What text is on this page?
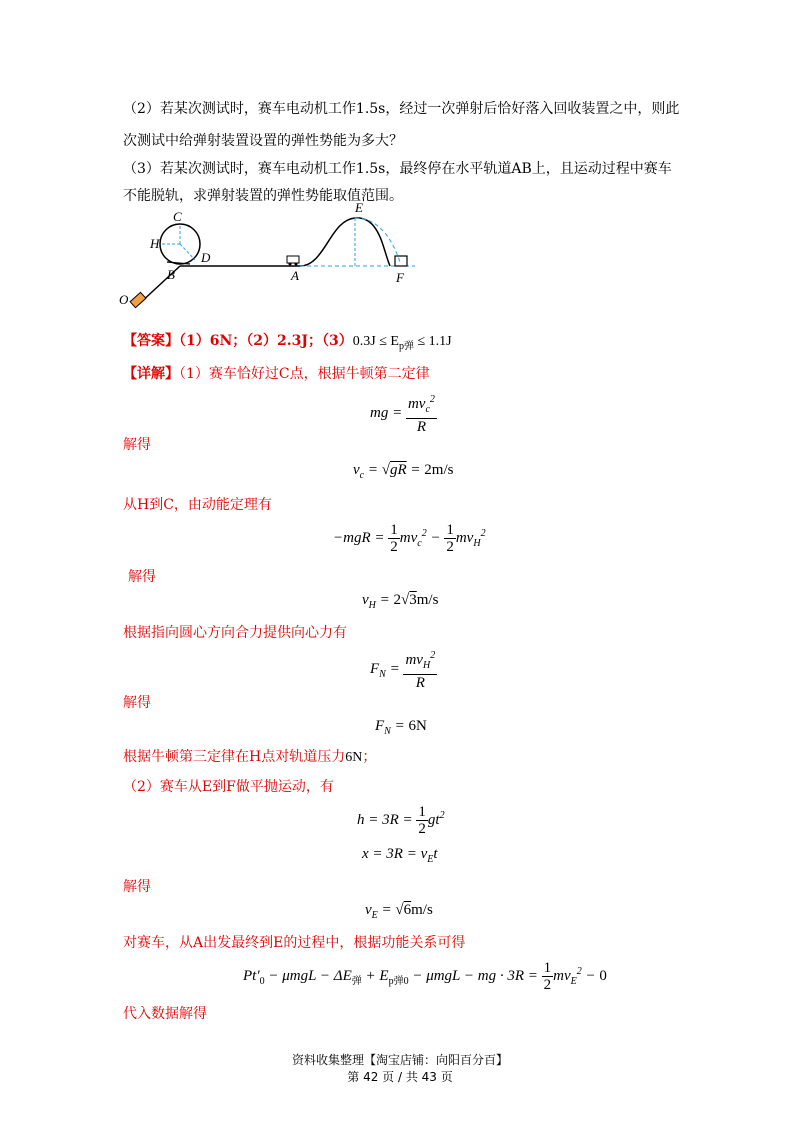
（2）若某次测试时，赛车电动机工作1.5s，经过一次弹射后恰好落入回收装置之中，则此
次测试中给弹射装置设置的弹性势能为多大？
（3）若某次测试时，赛车电动机工作1.5s，最终停在水平轨道AB上，且运动过程中赛车
不能脱轨，求弹射装置的弹性势能取值范围。
C
H
D
B
E
A	F
O
【答案】（1）6N；（2）2.3J；$(3)0.3J \le E_{p弹} \le 1.1J$
【详解】（1）赛车恰好过C点，根据牛顿第二定律
mg = $\frac{mv_c^2}{R}$
解得
$v_c = √gR = 2m/s$
从H到C，由动能定理有
$-mgR = \frac{1}{2} mv_c^2 - \frac{1}{2} mv_H^2$
解得
$v_H = 2√3m/s$
根据指向圆心方向合力提供向心力有
$F_N = \frac{mv_H^2}{R}$
解得
$F_N = 6N$
根据牛顿第三定律在H点对轨道压力6N；
（2）赛车从E到F做平抛运动，有
$h = 3R = \frac{1}{2} gt^2$
$x = 3R = v_Et$
解得
$v_E = √6m/s$
对赛车，从A出发最终到E的过程中，根据功能关系可得
$Pt'_0 - \mu mgL - \Delta E_弹 + E_{p弹0} - \mu mgL$ − mg · $3R = \frac{1}{2} mv_E^2 - 0$
代入数据解得
资料收集整理【淘宝店铺：向阳百分百】
第 42 页 / 共 43 页
